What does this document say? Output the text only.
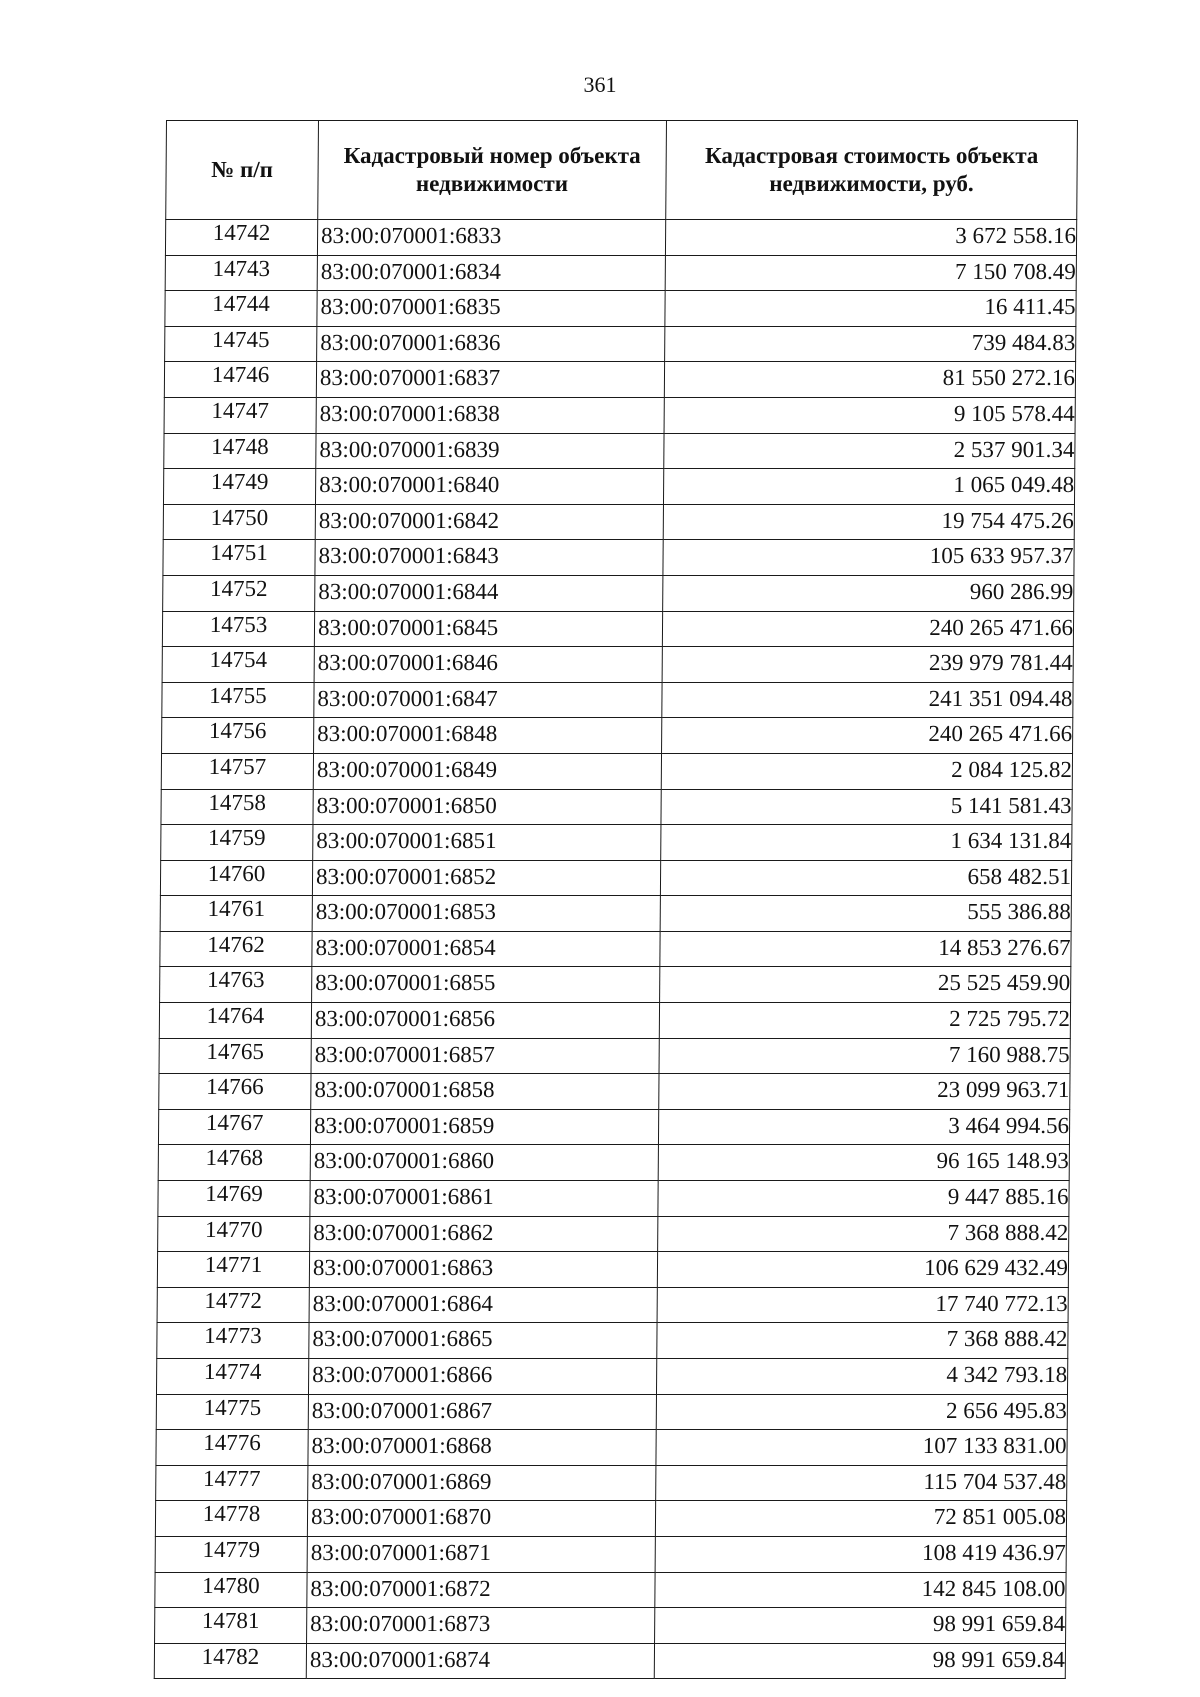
361
№ п/п	Кадастровый номер объекта недвижимости	Кадастровая стоимость объекта недвижимости, руб.
14742	83:00:070001:6833	3 672 558.16
14743	83:00:070001:6834	7 150 708.49
14744	83:00:070001:6835	16 411.45
14745	83:00:070001:6836	739 484.83
14746	83:00:070001:6837	81 550 272.16
14747	83:00:070001:6838	9 105 578.44
14748	83:00:070001:6839	2 537 901.34
14749	83:00:070001:6840	1 065 049.48
14750	83:00:070001:6842	19 754 475.26
14751	83:00:070001:6843	105 633 957.37
14752	83:00:070001:6844	960 286.99
14753	83:00:070001:6845	240 265 471.66
14754	83:00:070001:6846	239 979 781.44
14755	83:00:070001:6847	241 351 094.48
14756	83:00:070001:6848	240 265 471.66
14757	83:00:070001:6849	2 084 125.82
14758	83:00:070001:6850	5 141 581.43
14759	83:00:070001:6851	1 634 131.84
14760	83:00:070001:6852	658 482.51
14761	83:00:070001:6853	555 386.88
14762	83:00:070001:6854	14 853 276.67
14763	83:00:070001:6855	25 525 459.90
14764	83:00:070001:6856	2 725 795.72
14765	83:00:070001:6857	7 160 988.75
14766	83:00:070001:6858	23 099 963.71
14767	83:00:070001:6859	3 464 994.56
14768	83:00:070001:6860	96 165 148.93
14769	83:00:070001:6861	9 447 885.16
14770	83:00:070001:6862	7 368 888.42
14771	83:00:070001:6863	106 629 432.49
14772	83:00:070001:6864	17 740 772.13
14773	83:00:070001:6865	7 368 888.42
14774	83:00:070001:6866	4 342 793.18
14775	83:00:070001:6867	2 656 495.83
14776	83:00:070001:6868	107 133 831.00
14777	83:00:070001:6869	115 704 537.48
14778	83:00:070001:6870	72 851 005.08
14779	83:00:070001:6871	108 419 436.97
14780	83:00:070001:6872	142 845 108.00
14781	83:00:070001:6873	98 991 659.84
14782	83:00:070001:6874	98 991 659.84
